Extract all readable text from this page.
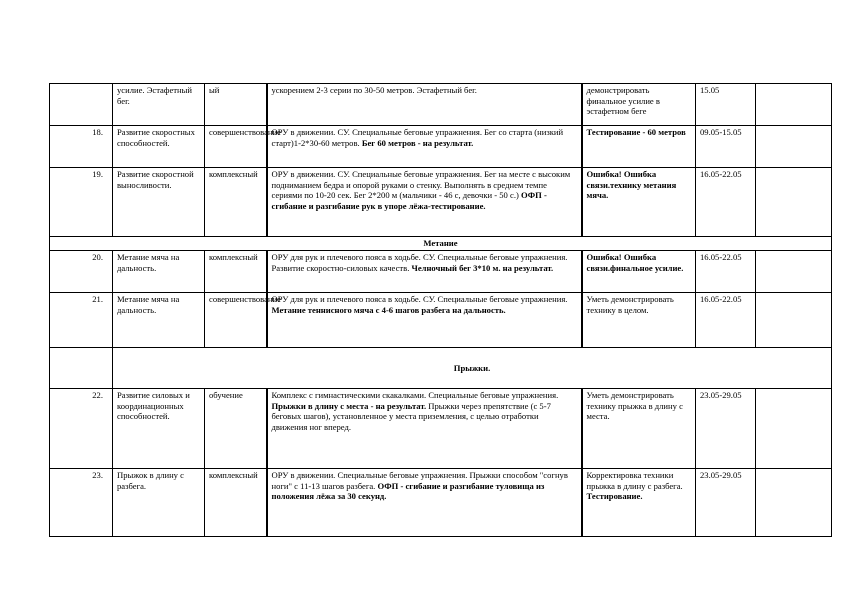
	усилие. Эстафетный бег.	ый	ускорением 2-3 серии по 30-50 метров. Эстафетный бег.	демонстрировать финальное усилие в эстафетном беге	15.05	
18.	Развитие скоростных способностей.	совершенствование	ОРУ в движении. СУ. Специальные беговые упражнения. Бег со старта (низкий старт)1-2*30-60 метров. Бег 60 метров - на результат.	Тестирование - 60 метров	09.05-15.05	
19.	Развитие скоростной выносливости.	комплексный	ОРУ в движении. СУ. Специальные беговые упражнения. Бег на месте с высоким подниманием бедра и опорой руками о стенку. Выполнять в среднем темпе сериями по 10-20 сек. Бег 2*200 м (мальчики - 46 с, девочки - 50 с.) ОФП - сгибание и разгибание рук в упоре лёжа-тестирование.	Ошибка! Ошибка связи.технику метания мяча.	16.05-22.05	
Метание						
20.	Метание мяча на дальность.	комплексный	ОРУ для рук и плечевого пояса в ходьбе. СУ. Специальные беговые упражнения. Развитие скоростно-силовых качеств. Челночный бег 3*10 м. на результат.	Ошибка! Ошибка связи.финальное усилие.	16.05-22.05	
21.	Метание мяча на дальность.	совершенствование	ОРУ для рук и плечевого пояса в ходьбе. СУ. Специальные беговые упражнения. Метание теннисного мяча с 4-6 шагов разбега на дальность.	Уметь демонстрировать технику в целом.	16.05-22.05	
	Прыжки.					
22.	Развитие силовых и координационных способностей.	обучение	Комплекс с гимнастическими скакалками. Специальные беговые упражнения. Прыжки в длину с места - на результат. Прыжки через препятствие (с 5-7 беговых шагов), установленное у места приземления, с целью отработки движения ног вперед.	Уметь демонстрировать технику прыжка в длину с места.	23.05-29.05	
23.	Прыжок в длину с разбега.	комплексный	ОРУ в движении. Специальные беговые упражнения. Прыжки способом "согнув ноги" с 11-13 шагов разбега. ОФП - сгибание и разгибание туловища из положения лёжа за 30 секунд.	Корректировка техники прыжка в длину с разбега. Тестирование.	23.05-29.05	
